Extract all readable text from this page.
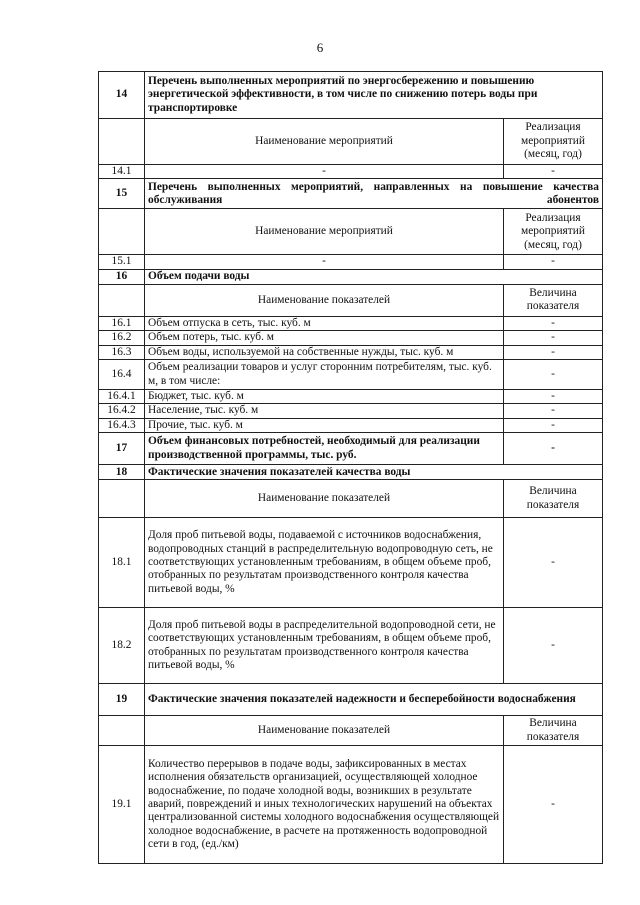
6
14	Перечень выполненных мероприятий по энергосбережению и повышению энергетической эффективности, в том числе по снижению потерь воды при транспортировке	
	Наименование мероприятий	Реализация мероприятий (месяц, год)
14.1	-	-
15	Перечень выполненных мероприятий, направленных на повышение качества обслуживания абонентов	
	Наименование мероприятий	Реализация мероприятий (месяц, год)
15.1	-	-
16	Объем подачи воды	
	Наименование показателей	Величина показателя
16.1	Объем отпуска в сеть, тыс. куб. м	-
16.2	Объем потерь, тыс. куб. м	-
16.3	Объем воды, используемой на собственные нужды, тыс. куб. м	-
16.4	Объем реализации товаров и услуг сторонним потребителям, тыс. куб. м, в том числе:	-
16.4.1	Бюджет, тыс. куб. м	-
16.4.2	Население, тыс. куб. м	-
16.4.3	Прочие, тыс. куб. м	-
17	Объем финансовых потребностей, необходимый для реализации производственной программы, тыс. руб.	-
18	Фактические значения показателей качества воды	
	Наименование показателей	Величина показателя
18.1	Доля проб питьевой воды, подаваемой с источников водоснабжения, водопроводных станций в распределительную водопроводную сеть, не соответствующих установленным требованиям, в общем объеме проб, отобранных по результатам производственного контроля качества питьевой воды, %	-
18.2	Доля проб питьевой воды в распределительной водопроводной сети, не соответствующих установленным требованиям, в общем объеме проб, отобранных по результатам производственного контроля качества питьевой воды, %	-
19	Фактические значения показателей надежности и бесперебойности водоснабжения	
	Наименование показателей	Величина показателя
19.1	Количество перерывов в подаче воды, зафиксированных в местах исполнения обязательств организацией, осуществляющей холодное водоснабжение, по подаче холодной воды, возникших в результате аварий, повреждений и иных технологических нарушений на объектах централизованной системы холодного водоснабжения осуществляющей холодное водоснабжение, в расчете на протяженность водопроводной сети в год, (ед./км)	-
